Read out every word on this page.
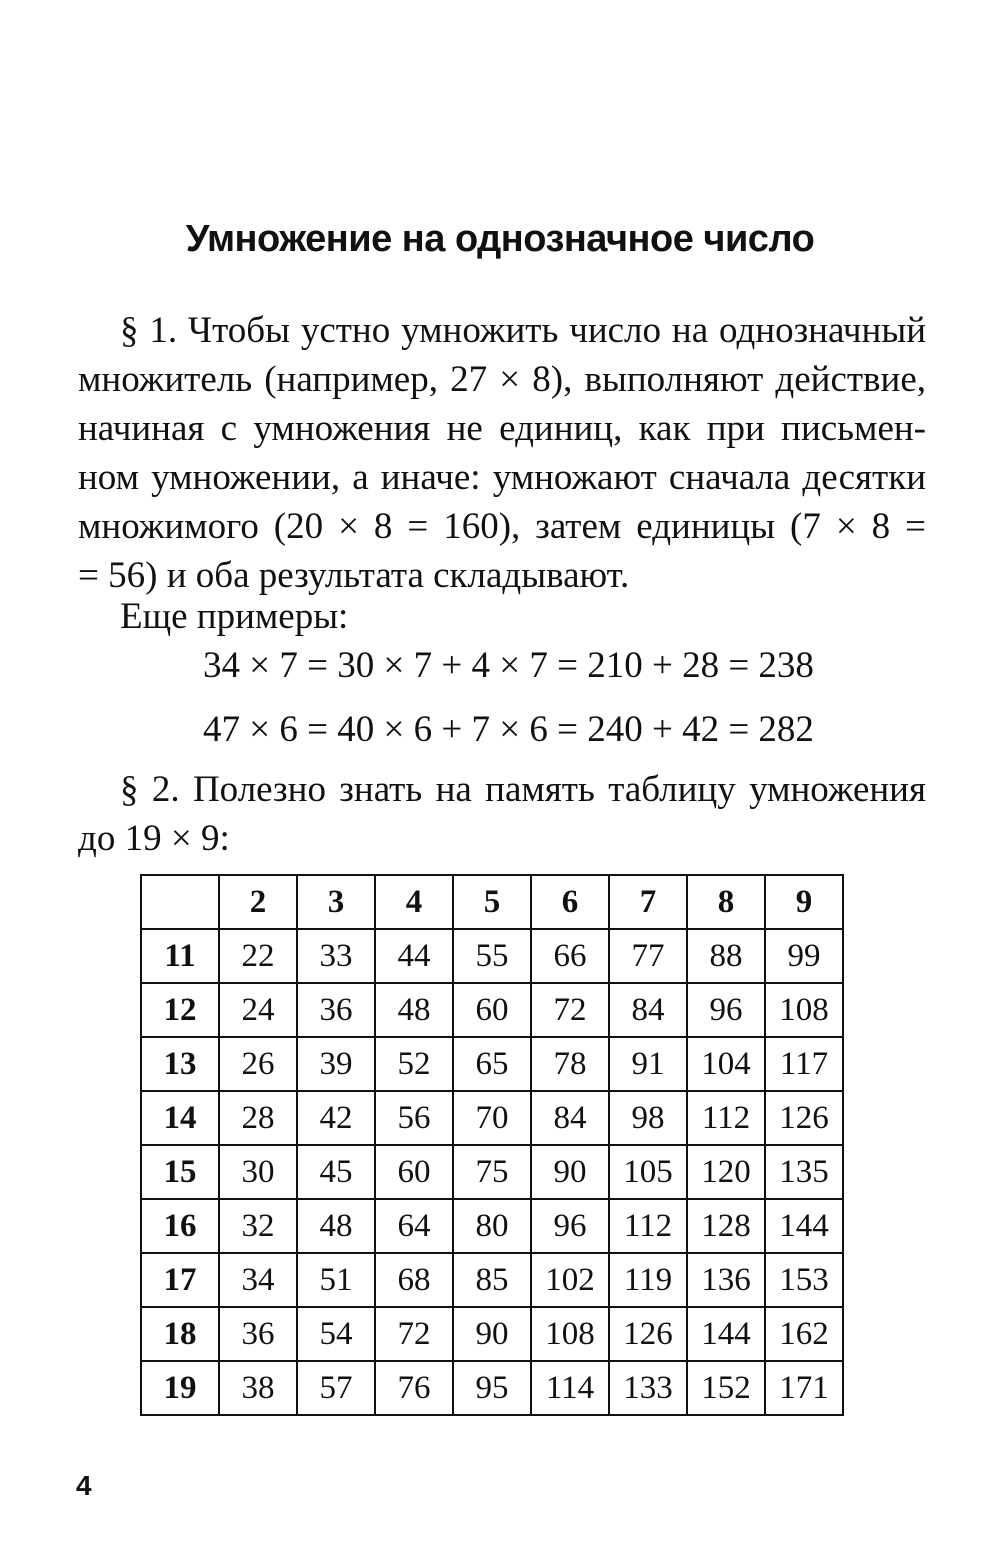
Умножение на однозначное число

§ 1. Чтобы устно умножить число на однозначный
множитель (например, 27 × 8), выполняют действие,
начиная с умножения не единиц, как при письмен-
ном умножении, а иначе: умножают сначала десятки
множимого (20 × 8 = 160), затем единицы (7 × 8 =
= 56) и оба результата складывают.

Еще примеры:

34 × 7 = 30 × 7 + 4 × 7 = 210 + 28 = 238

47 × 6 = 40 × 6 + 7 × 6 = 240 + 42 = 282

§ 2. Полезно знать на память таблицу умножения
до 19 × 9:

	2	3	4	5	6	7	8	9
11	22	33	44	55	66	77	88	99
12	24	36	48	60	72	84	96	108
13	26	39	52	65	78	91	104	117
14	28	42	56	70	84	98	112	126
15	30	45	60	75	90	105	120	135
16	32	48	64	80	96	112	128	144
17	34	51	68	85	102	119	136	153
18	36	54	72	90	108	126	144	162
19	38	57	76	95	114	133	152	171

4
